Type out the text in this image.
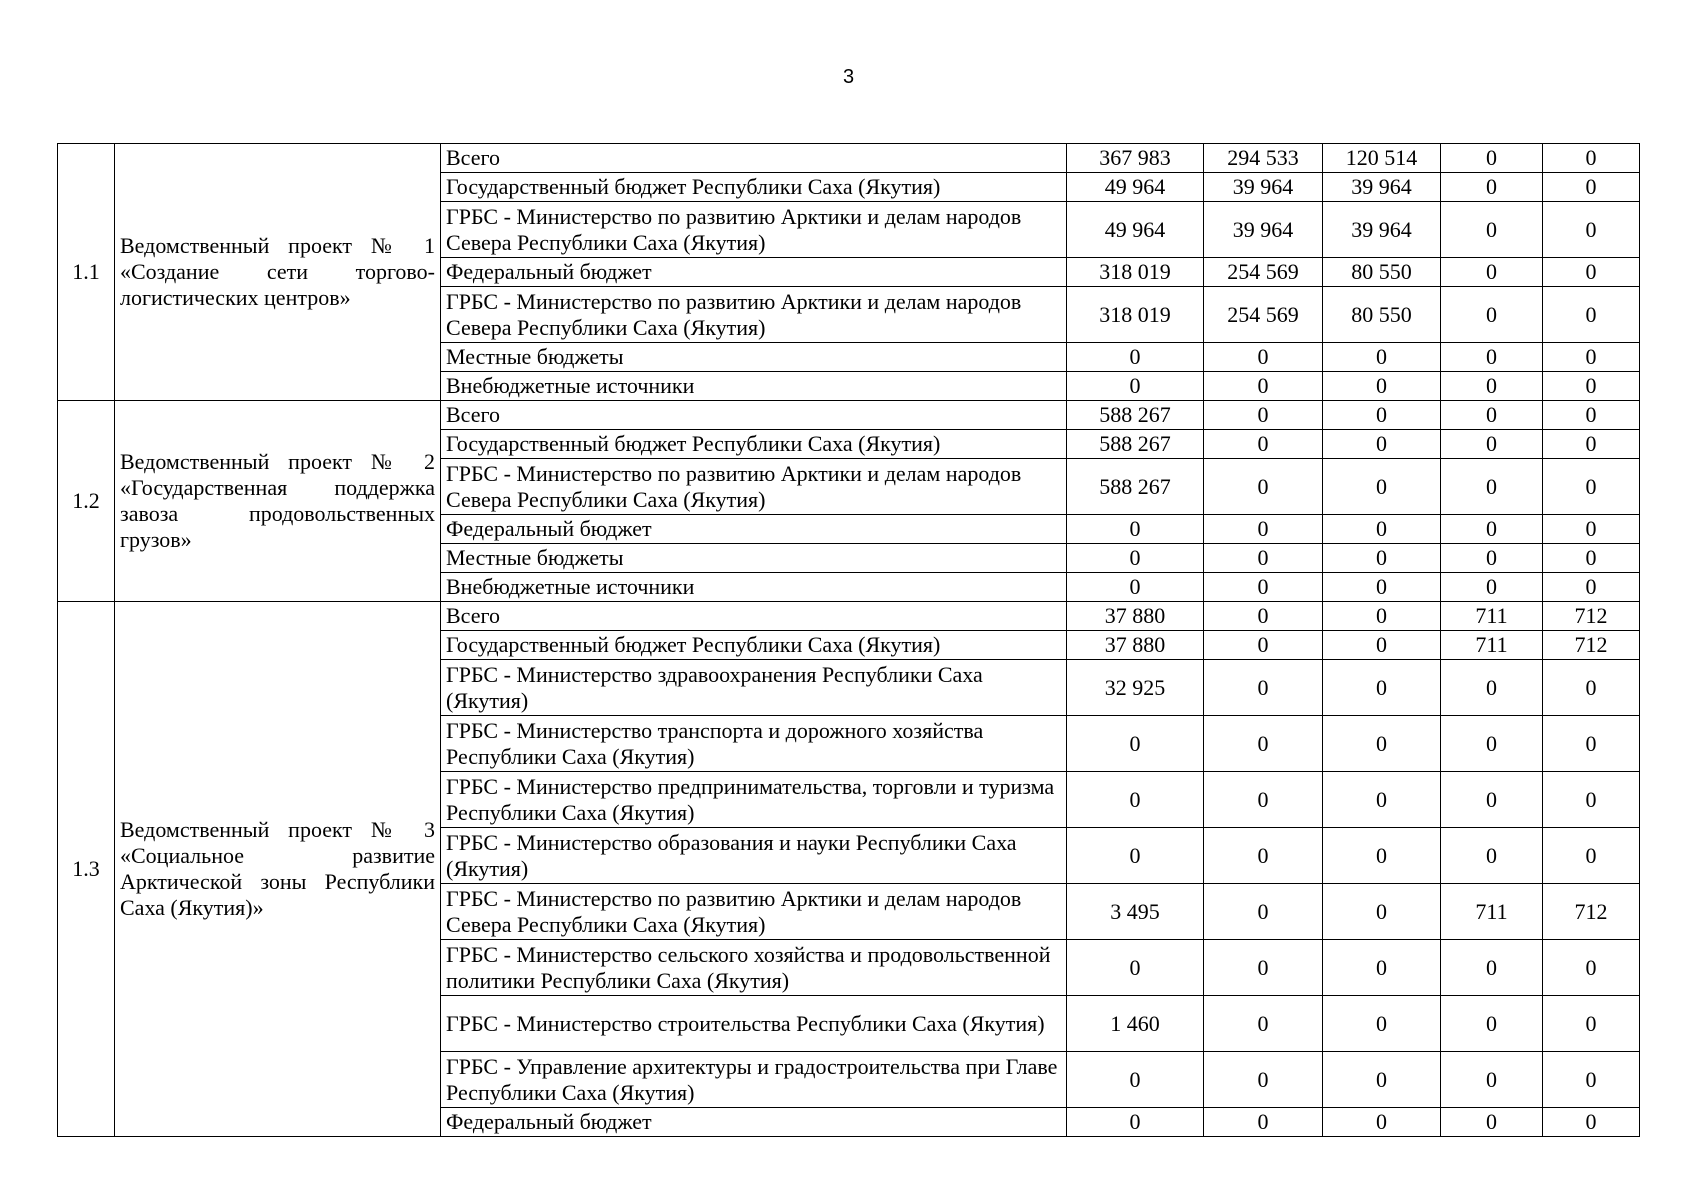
3
1.1	Ведомственный проект № 1 «Создание сети торгово-логистических центров»	Всего	367 983	294 533	120 514	0	0
		Государственный бюджет Республики Саха (Якутия)	49 964	39 964	39 964	0	0
		ГРБС - Министерство по развитию Арктики и делам народов Севера Республики Саха (Якутия)	49 964	39 964	39 964	0	0
		Федеральный бюджет	318 019	254 569	80 550	0	0
		ГРБС - Министерство по развитию Арктики и делам народов Севера Республики Саха (Якутия)	318 019	254 569	80 550	0	0
		Местные бюджеты	0	0	0	0	0
		Внебюджетные источники	0	0	0	0	0
1.2	Ведомственный проект № 2 «Государственная поддержка завоза продовольственных грузов»	Всего	588 267	0	0	0	0
		Государственный бюджет Республики Саха (Якутия)	588 267	0	0	0	0
		ГРБС - Министерство по развитию Арктики и делам народов Севера Республики Саха (Якутия)	588 267	0	0	0	0
		Федеральный бюджет	0	0	0	0	0
		Местные бюджеты	0	0	0	0	0
		Внебюджетные источники	0	0	0	0	0
1.3	Ведомственный проект № 3 «Социальное развитие Арктической зоны Республики Саха (Якутия)»	Всего	37 880	0	0	711	712
		Государственный бюджет Республики Саха (Якутия)	37 880	0	0	711	712
		ГРБС - Министерство здравоохранения Республики Саха (Якутия)	32 925	0	0	0	0
		ГРБС - Министерство транспорта и дорожного хозяйства Республики Саха (Якутия)	0	0	0	0	0
		ГРБС - Министерство предпринимательства, торговли и туризма Республики Саха (Якутия)	0	0	0	0	0
		ГРБС - Министерство образования и науки Республики Саха (Якутия)	0	0	0	0	0
		ГРБС - Министерство по развитию Арктики и делам народов Севера Республики Саха (Якутия)	3 495	0	0	711	712
		ГРБС - Министерство сельского хозяйства и продовольственной политики Республики Саха (Якутия)	0	0	0	0	0
		ГРБС - Министерство строительства Республики Саха (Якутия)	1 460	0	0	0	0
		ГРБС - Управление архитектуры и градостроительства при Главе Республики Саха (Якутия)	0	0	0	0	0
		Федеральный бюджет	0	0	0	0	0
